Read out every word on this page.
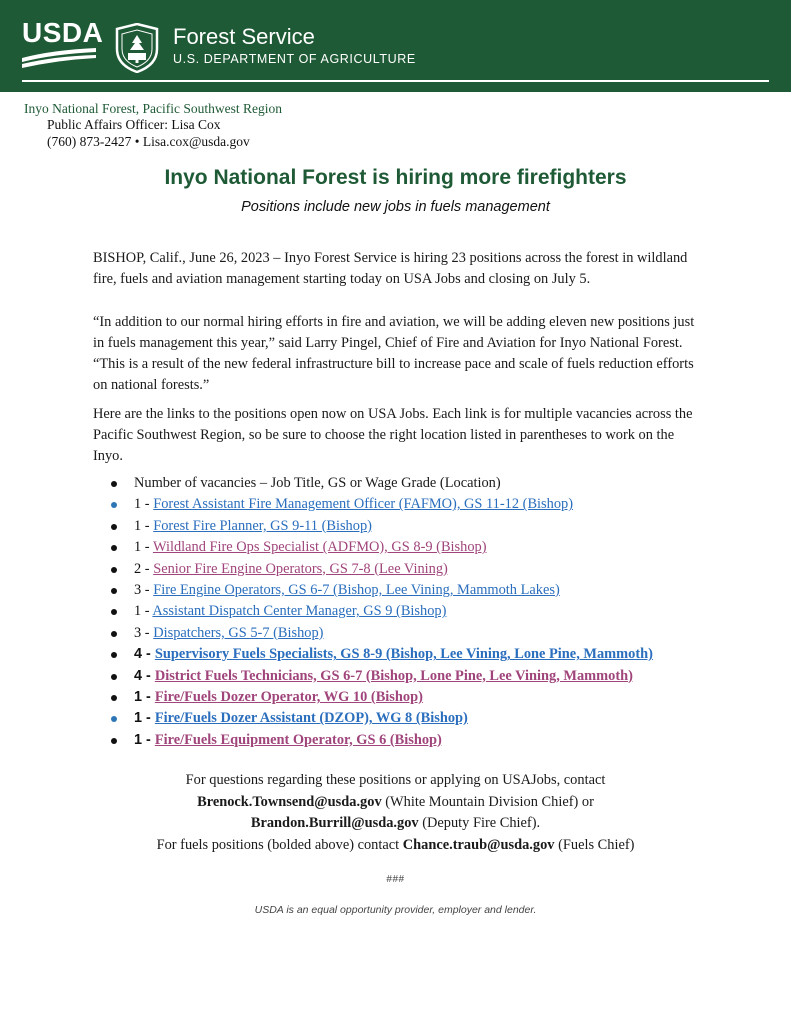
USDA	Forest Service
U.S. DEPARTMENT OF AGRICULTURE
Inyo National Forest, Pacific Southwest Region
Public Affairs Officer: Lisa Cox
(760) 873-2427 • Lisa.cox@usda.gov
Inyo National Forest is hiring more firefighters
Positions include new jobs in fuels management
BISHOP, Calif., June 26, 2023 – Inyo Forest Service is hiring 23 positions across the forest in wildland fire, fuels and aviation management starting today on USA Jobs and closing on July 5.
“In addition to our normal hiring efforts in fire and aviation, we will be adding eleven new positions just in fuels management this year,” said Larry Pingel, Chief of Fire and Aviation for Inyo National Forest. “This is a result of the new federal infrastructure bill to increase pace and scale of fuels reduction efforts on national forests.”
Here are the links to the positions open now on USA Jobs. Each link is for multiple vacancies across the Pacific Southwest Region, so be sure to choose the right location listed in parentheses to work on the Inyo.
Number of vacancies – Job Title, GS or Wage Grade (Location)
1 - Forest Assistant Fire Management Officer (FAFMO), GS 11-12 (Bishop)
1 - Forest Fire Planner, GS 9-11 (Bishop)
1 - Wildland Fire Ops Specialist (ADFMO), GS 8-9 (Bishop)
2 - Senior Fire Engine Operators, GS 7-8 (Lee Vining)
3 - Fire Engine Operators, GS 6-7 (Bishop, Lee Vining, Mammoth Lakes)
1 - Assistant Dispatch Center Manager, GS 9 (Bishop)
3 - Dispatchers, GS 5-7 (Bishop)
4 - Supervisory Fuels Specialists, GS 8-9 (Bishop, Lee Vining, Lone Pine, Mammoth)
4 - District Fuels Technicians, GS 6-7 (Bishop, Lone Pine, Lee Vining, Mammoth)
1 - Fire/Fuels Dozer Operator, WG 10 (Bishop)
1 - Fire/Fuels Dozer Assistant (DZOP), WG 8 (Bishop)
1 - Fire/Fuels Equipment Operator, GS 6 (Bishop)
For questions regarding these positions or applying on USAJobs, contact
Brenock.Townsend@usda.gov (White Mountain Division Chief) or
Brandon.Burrill@usda.gov (Deputy Fire Chief).
For fuels positions (bolded above) contact Chance.traub@usda.gov (Fuels Chief)
###
USDA is an equal opportunity provider, employer and lender.
